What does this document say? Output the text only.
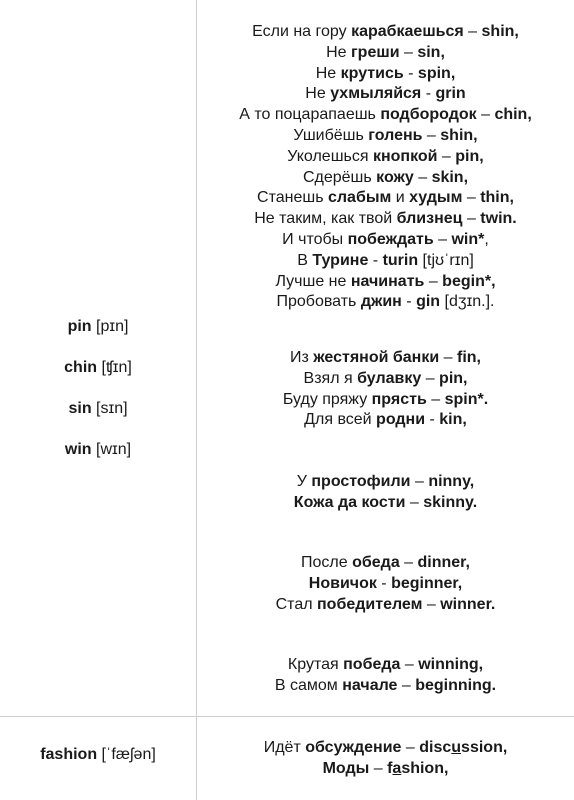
pin [pɪn]
chin [ʧɪn]
sin [sɪn]
win [wɪn]
fashion [ˈfæʃən]
Если на гору карабкаешься – shin,
Не греши – sin,
Не крутись - spin,
Не ухмыляйся - grin
А то поцарапаешь подбородок – chin,
Ушибёшь голень – shin,
Уколешься кнопкой – pin,
Сдерёшь кожу – skin,
Станешь слабым и худым – thin,
Не таким, как твой близнец – twin.
И чтобы побеждать – win*,
В Турине - turin [tjʊˈrɪn]
Лучше не начинать – begin*,
Пробовать джин - gin [dʒɪn.].
Из жестяной банки – fin,
Взял я булавку – pin,
Буду пряжу прясть – spin*.
Для всей родни - kin,
У простофили – ninny,
Кожа да кости – skinny.
После обеда – dinner,
Новичок - beginner,
Стал победителем – winner.
Крутая победа – winning,
В самом начале – beginning.
Идёт обсуждение – discussion,
Моды – fashion,
